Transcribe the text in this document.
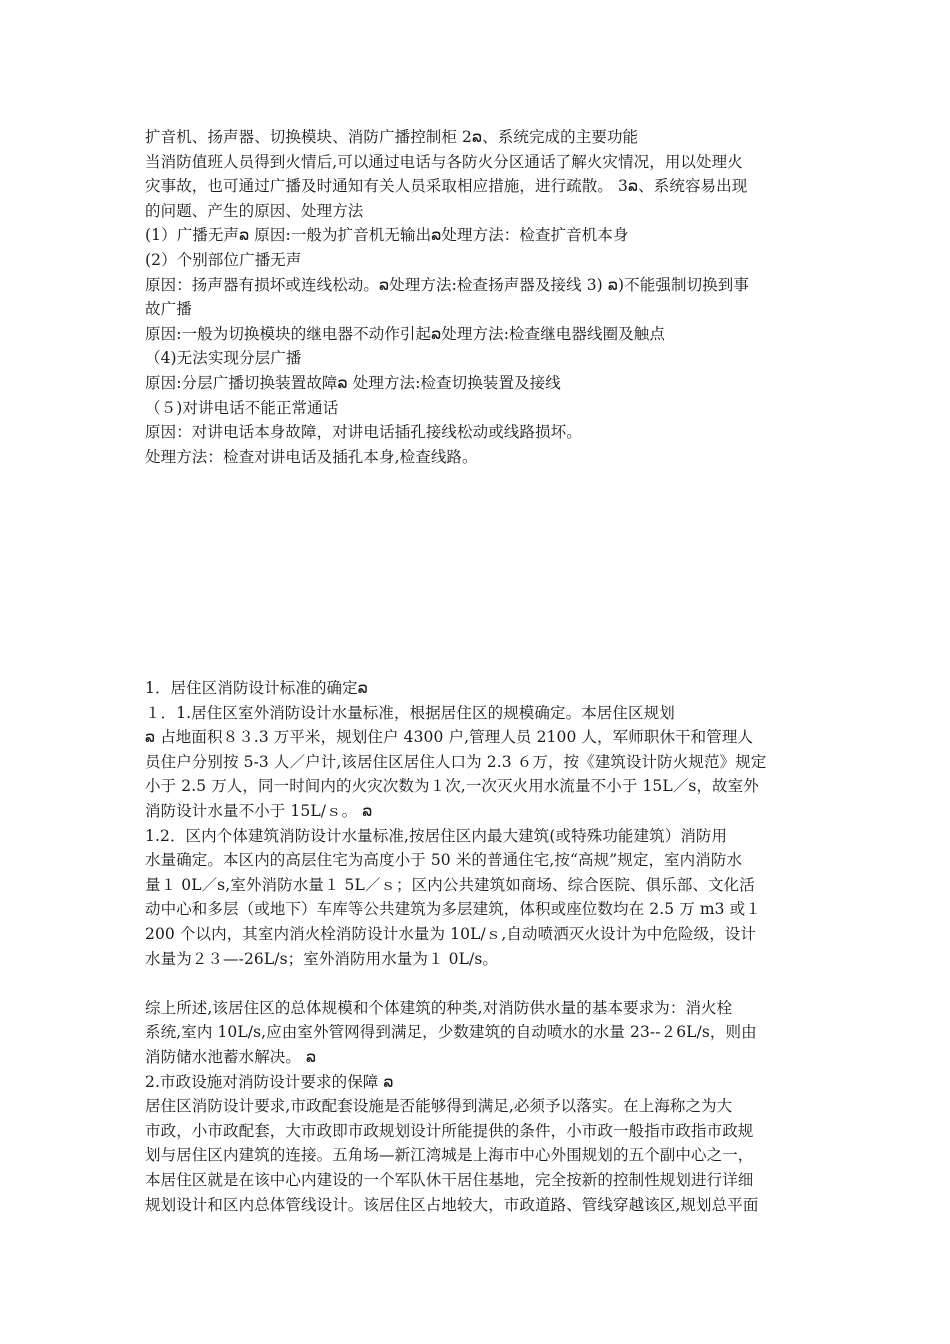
扩音机、扬声器、切换模块、消防广播控制柜 2ລ、系统完成的主要功能
当消防值班人员得到火情后,可以通过电话与各防火分区通话了解火灾情况，用以处理火
灾事故，也可通过广播及时通知有关人员采取相应措施，进行疏散。 3ລ、系统容易出现
的问题、产生的原因、处理方法
(1）广播无声ລ 原因:一般为扩音机无输出ລ处理方法：检查扩音机本身
(2）个别部位广播无声
原因：扬声器有损坏或连线松动。ລ处理方法:检查扬声器及接线 3) ລ)不能强制切换到事
故广播
原因:一般为切换模块的继电器不动作引起ລ处理方法:检查继电器线圈及触点
（4)无法实现分层广播
原因:分层广播切换装置故障ລ 处理方法:检查切换装置及接线
（５)对讲电话不能正常通话
原因：对讲电话本身故障，对讲电话插孔接线松动或线路损坏。
处理方法：检查对讲电话及插孔本身,检查线路。
1．居住区消防设计标准的确定ລ
１．1.居住区室外消防设计水量标准，根据居住区的规模确定。本居住区规划
ລ 占地面积８３.3 万平米，规划住户 4300 户,管理人员 2100 人，军师职休干和管理人
员住户分别按 5-3 人／户计,该居住区居住人口为 2.3 ６万，按《建筑设计防火规范》规定
小于 2.5 万人，同一时间内的火灾次数为１次,一次灭火用水流量不小于 15L／s，故室外
消防设计水量不小于 15L/ｓ。 ລ
1.2．区内个体建筑消防设计水量标准,按居住区内最大建筑(或特殊功能建筑）消防用
水量确定。本区内的高层住宅为高度小于 50 米的普通住宅,按“高规”规定，室内消防水
量１ 0L／s,室外消防水量１ 5L／ｓ；区内公共建筑如商场、综合医院、俱乐部、文化活
动中心和多层（或地下）车库等公共建筑为多层建筑，体积或座位数均在 2.5 万 m3 或１
200 个以内，其室内消火栓消防设计水量为 10L/ｓ,自动喷洒灭火设计为中危险级，设计
水量为２３—-26L/s；室外消防用水量为１ 0L/s。
综上所述,该居住区的总体规模和个体建筑的种类,对消防供水量的基本要求为：消火栓
系统,室内 10L/s,应由室外管网得到满足，少数建筑的自动喷水的水量 23--２6L/s，则由
消防储水池蓄水解决。 ລ
2.市政设施对消防设计要求的保障 ລ
居住区消防设计要求,市政配套设施是否能够得到满足,必须予以落实。在上海称之为大
市政，小市政配套，大市政即市政规划设计所能提供的条件，小市政一般指市政指市政规
划与居住区内建筑的连接。五角场—新江湾城是上海市中心外围规划的五个副中心之一，
本居住区就是在该中心内建设的一个军队休干居住基地，完全按新的控制性规划进行详细
规划设计和区内总体管线设计。该居住区占地较大，市政道路、管线穿越该区,规划总平面
